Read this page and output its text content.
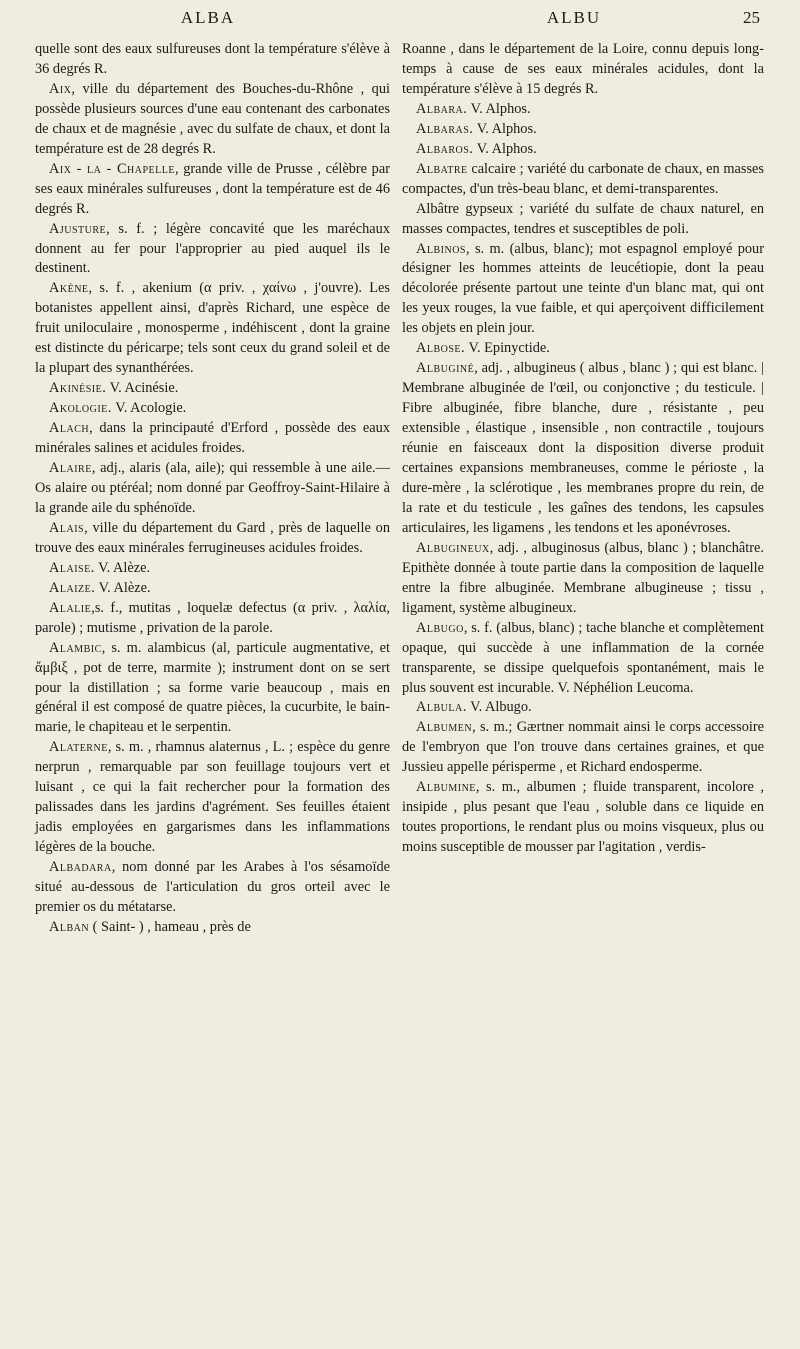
ALBA	ALBU	25

quelle sont des eaux sulfureuses dont la température s'élève à 36 degrés R.

Aix, ville du département des Bouches-du-Rhône , qui possède plusieurs sources d'une eau contenant des carbonates de chaux et de magnésie , avec du sulfate de chaux, et dont la température est de 28 degrés R.

Aix - la - Chapelle, grande ville de Prusse , célèbre par ses eaux minérales sulfureuses , dont la température est de 46 degrés R.

Ajusture, s. f. ; légère concavité que les maréchaux donnent au fer pour l'approprier au pied auquel ils le destinent.

Akène, s. f. , akenium (α priv. , χαίνω , j'ouvre). Les botanistes appellent ainsi, d'après Richard, une espèce de fruit uniloculaire , monosperme , indéhiscent , dont la graine est distincte du péricarpe; tels sont ceux du grand soleil et de la plupart des synanthérées.

Akinésie. V. Acinésie.

Akologie. V. Acologie.

Alach, dans la principauté d'Erford , possède des eaux minérales salines et acidules froides.

Alaire, adj., alaris (ala, aile); qui ressemble à une aile.—Os alaire ou ptéréal; nom donné par Geoffroy-Saint-Hilaire à la grande aile du sphénoïde.

Alais, ville du département du Gard , près de laquelle on trouve des eaux minérales ferrugineuses acidules froides.

Alaise. V. Alèze.

Alaize. V. Alèze.

Alalie,s. f., mutitas , loquelæ defectus (α priv. , λαλία, parole) ; mutisme , privation de la parole.

Alambic, s. m. alambicus (al, particule augmentative, et ἄμβιξ , pot de terre, marmite ); instrument dont on se sert pour la distillation ; sa forme varie beaucoup , mais en général il est composé de quatre pièces, la cucurbite, le bain-marie, le chapiteau et le serpentin.

Alaterne, s. m. , rhamnus alaternus , L. ; espèce du genre nerprun , remarquable par son feuillage toujours vert et luisant , ce qui la fait rechercher pour la formation des palissades dans les jardins d'agrément. Ses feuilles étaient jadis employées en gargarismes dans les inflammations légères de la bouche.

Albadara, nom donné par les Arabes à l'os sésamoïde situé au-dessous de l'articulation du gros orteil avec le premier os du métatarse.

Alban ( Saint- ) , hameau , près de

Roanne , dans le département de la Loire, connu depuis long-temps à cause de ses eaux minérales acidules, dont la température s'élève à 15 degrés R.

Albara. V. Alphos.

Albaras. V. Alphos.

Albaros. V. Alphos.

Albatre calcaire ; variété du carbonate de chaux, en masses compactes, d'un très-beau blanc, et demi-transparentes.

Albâtre gypseux ; variété du sulfate de chaux naturel, en masses compactes, tendres et susceptibles de poli.

Albinos, s. m. (albus, blanc); mot espagnol employé pour désigner les hommes atteints de leucétiopie, dont la peau décolorée présente partout une teinte d'un blanc mat, qui ont les yeux rouges, la vue faible, et qui aperçoivent difficilement les objets en plein jour.

Albose. V. Epinyctide.

Albuginé, adj. , albugineus ( albus , blanc ) ; qui est blanc. | Membrane albuginée de l'œil, ou conjonctive ; du testicule. | Fibre albuginée, fibre blanche, dure , résistante , peu extensible , élastique , insensible , non contractile , toujours réunie en faisceaux dont la disposition diverse produit certaines expansions membraneuses, comme le périoste , la dure-mère , la sclérotique , les membranes propre du rein, de la rate et du testicule , les gaînes des tendons, les capsules articulaires, les ligamens , les tendons et les aponévroses.

Albugineux, adj. , albuginosus (albus, blanc ) ; blanchâtre. Epithète donnée à toute partie dans la composition de laquelle entre la fibre albuginée. Membrane albugineuse ; tissu , ligament, système albugineux.

Albugo, s. f. (albus, blanc) ; tache blanche et complètement opaque, qui succède à une inflammation de la cornée transparente, se dissipe quelquefois spontanément, mais le plus souvent est incurable. V. Néphélion Leucoma.

Albula. V. Albugo.

Albumen, s. m.; Gærtner nommait ainsi le corps accessoire de l'embryon que l'on trouve dans certaines graines, et que Jussieu appelle périsperme , et Richard endosperme.

Albumine, s. m., albumen ; fluide transparent, incolore , insipide , plus pesant que l'eau , soluble dans ce liquide en toutes proportions, le rendant plus ou moins visqueux, plus ou moins susceptible de mousser par l'agitation , verdis-
